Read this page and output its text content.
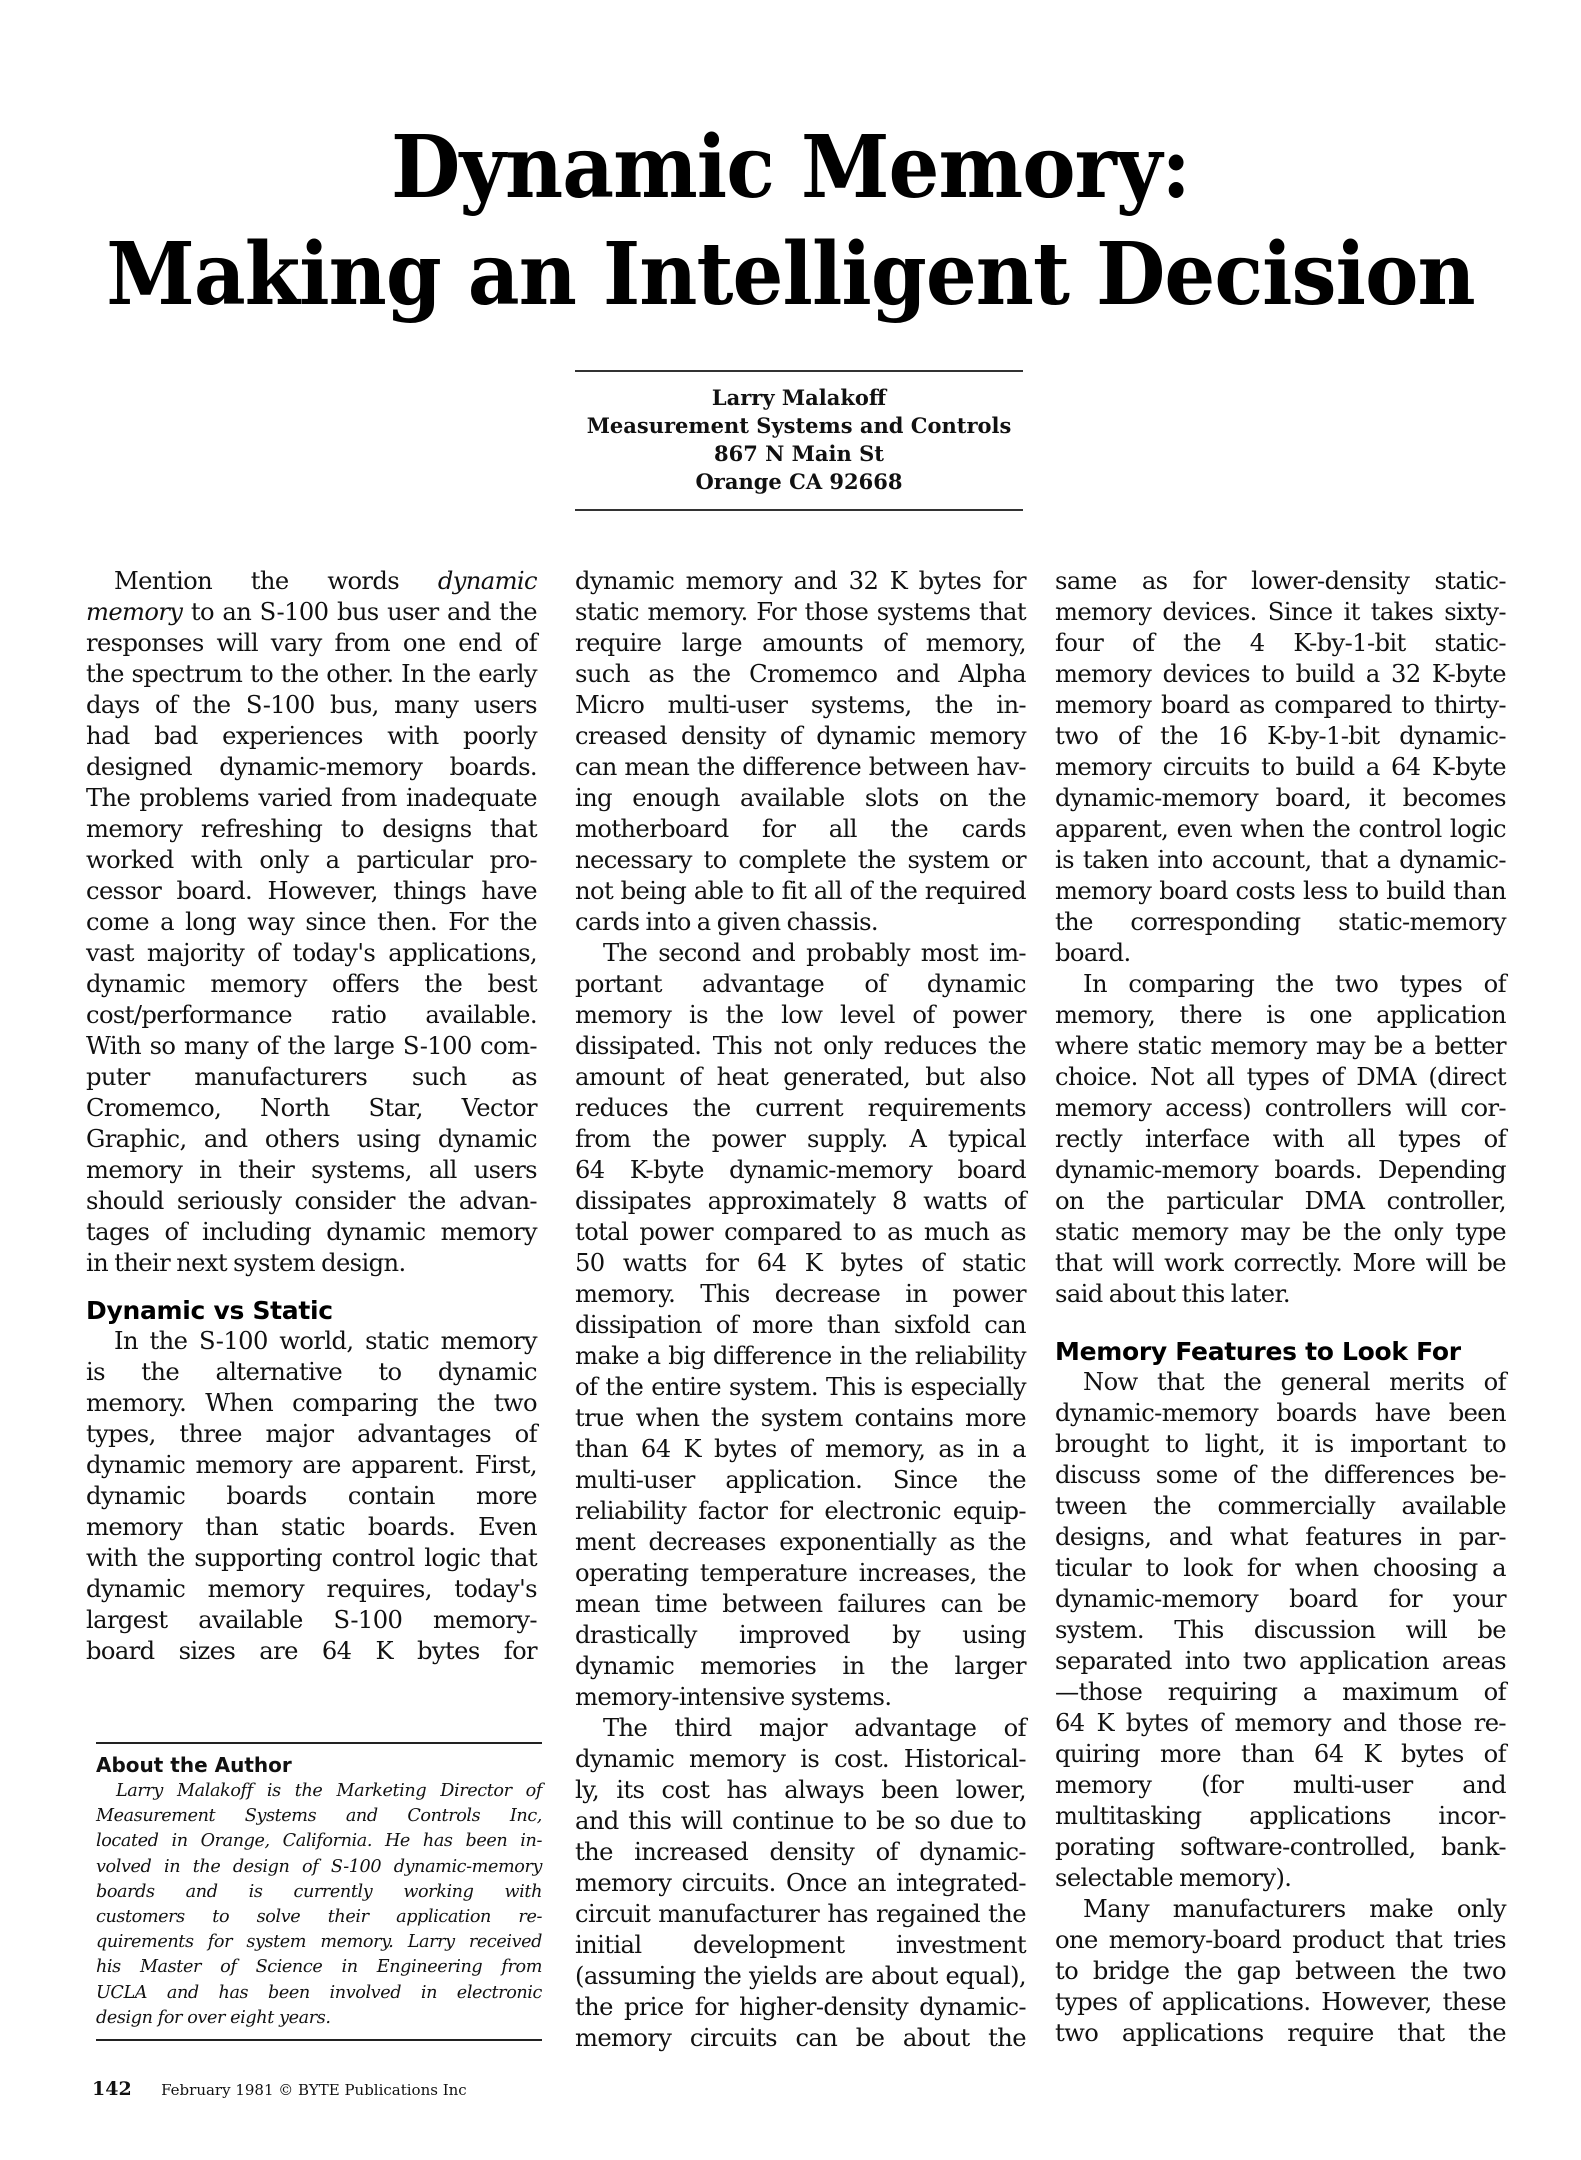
Dynamic Memory:
Making an Intelligent Decision
Larry Malakoff
Measurement Systems and Controls
867 N Main St
Orange CA 92668
Mention the words dynamic
memory to an S-100 bus user and the
responses will vary from one end of
the spectrum to the other. In the early
days of the S-100 bus, many users
had bad experiences with poorly
designed dynamic-memory boards.
The problems varied from inadequate
memory refreshing to designs that
worked with only a particular pro-
cessor board. However, things have
come a long way since then. For the
vast majority of today's applications,
dynamic memory offers the best
cost/performance ratio available.
With so many of the large S-100 com-
puter manufacturers such as
Cromemco, North Star, Vector
Graphic, and others using dynamic
memory in their systems, all users
should seriously consider the advan-
tages of including dynamic memory
in their next system design.
Dynamic vs Static
In the S-100 world, static memory
is the alternative to dynamic
memory. When comparing the two
types, three major advantages of
dynamic memory are apparent. First,
dynamic boards contain more
memory than static boards. Even
with the supporting control logic that
dynamic memory requires, today's
largest available S-100 memory-
board sizes are 64 K bytes for
About the Author
Larry Malakoff is the Marketing Director of
Measurement Systems and Controls Inc,
located in Orange, California. He has been in-
volved in the design of S-100 dynamic-memory
boards and is currently working with
customers to solve their application re-
quirements for system memory. Larry received
his Master of Science in Engineering from
UCLA and has been involved in electronic
design for over eight years.
dynamic memory and 32 K bytes for
static memory. For those systems that
require large amounts of memory,
such as the Cromemco and Alpha
Micro multi-user systems, the in-
creased density of dynamic memory
can mean the difference between hav-
ing enough available slots on the
motherboard for all the cards
necessary to complete the system or
not being able to fit all of the required
cards into a given chassis.
The second and probably most im-
portant advantage of dynamic
memory is the low level of power
dissipated. This not only reduces the
amount of heat generated, but also
reduces the current requirements
from the power supply. A typical
64 K-byte dynamic-memory board
dissipates approximately 8 watts of
total power compared to as much as
50 watts for 64 K bytes of static
memory. This decrease in power
dissipation of more than sixfold can
make a big difference in the reliability
of the entire system. This is especially
true when the system contains more
than 64 K bytes of memory, as in a
multi-user application. Since the
reliability factor for electronic equip-
ment decreases exponentially as the
operating temperature increases, the
mean time between failures can be
drastically improved by using
dynamic memories in the larger
memory-intensive systems.
The third major advantage of
dynamic memory is cost. Historical-
ly, its cost has always been lower,
and this will continue to be so due to
the increased density of dynamic-
memory circuits. Once an integrated-
circuit manufacturer has regained the
initial development investment
(assuming the yields are about equal),
the price for higher-density dynamic-
memory circuits can be about the
same as for lower-density static-
memory devices. Since it takes sixty-
four of the 4 K-by-1-bit static-
memory devices to build a 32 K-byte
memory board as compared to thirty-
two of the 16 K-by-1-bit dynamic-
memory circuits to build a 64 K-byte
dynamic-memory board, it becomes
apparent, even when the control logic
is taken into account, that a dynamic-
memory board costs less to build than
the corresponding static-memory
board.
In comparing the two types of
memory, there is one application
where static memory may be a better
choice. Not all types of DMA (direct
memory access) controllers will cor-
rectly interface with all types of
dynamic-memory boards. Depending
on the particular DMA controller,
static memory may be the only type
that will work correctly. More will be
said about this later.
Memory Features to Look For
Now that the general merits of
dynamic-memory boards have been
brought to light, it is important to
discuss some of the differences be-
tween the commercially available
designs, and what features in par-
ticular to look for when choosing a
dynamic-memory board for your
system. This discussion will be
separated into two application areas
—those requiring a maximum of
64 K bytes of memory and those re-
quiring more than 64 K bytes of
memory (for multi-user and
multitasking applications incor-
porating software-controlled, bank-
selectable memory).
Many manufacturers make only
one memory-board product that tries
to bridge the gap between the two
types of applications. However, these
two applications require that the
142 February 1981 © BYTE Publications Inc
